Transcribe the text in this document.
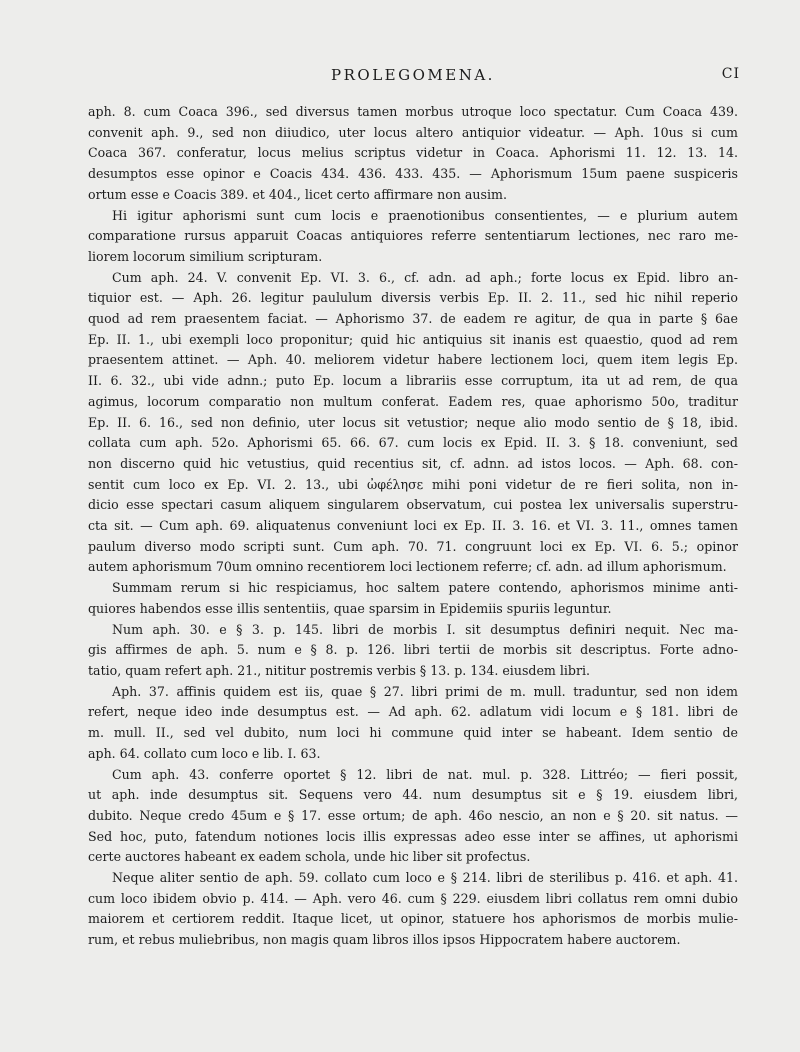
PROLEGOMENA.	CI
aph. 8. cum Coaca 396., sed diversus tamen morbus utroque loco spectatur. Cum Coaca 439.
convenit aph. 9., sed non diiudico, uter locus altero antiquior videatur. — Aph. 10us si cum
Coaca 367. conferatur, locus melius scriptus videtur in Coaca. Aphorismi 11. 12. 13. 14.
desumptos esse opinor e Coacis 434. 436. 433. 435. — Aphorismum 15um paene suspiceris
ortum esse e Coacis 389. et 404., licet certo affirmare non ausim.
Hi igitur aphorismi sunt cum locis e praenotionibus consentientes, — e plurium autem
comparatione rursus apparuit Coacas antiquiores referre sententiarum lectiones, nec raro me-
liorem locorum similium scripturam.
Cum aph. 24. V. convenit Ep. VI. 3. 6., cf. adn. ad aph.; forte locus ex Epid. libro an-
tiquior est. — Aph. 26. legitur paululum diversis verbis Ep. II. 2. 11., sed hic nihil reperio
quod ad rem praesentem faciat. — Aphorismo 37. de eadem re agitur, de qua in parte § 6ae
Ep. II. 1., ubi exempli loco proponitur; quid hic antiquius sit inanis est quaestio, quod ad rem
praesentem attinet. — Aph. 40. meliorem videtur habere lectionem loci, quem item legis Ep.
II. 6. 32., ubi vide adnn.; puto Ep. locum a librariis esse corruptum, ita ut ad rem, de qua
agimus, locorum comparatio non multum conferat. Eadem res, quae aphorismo 50o, traditur
Ep. II. 6. 16., sed non definio, uter locus sit vetustior; neque alio modo sentio de § 18, ibid.
collata cum aph. 52o. Aphorismi 65. 66. 67. cum locis ex Epid. II. 3. § 18. conveniunt, sed
non discerno quid hic vetustius, quid recentius sit, cf. adnn. ad istos locos. — Aph. 68. con-
sentit cum loco ex Ep. VI. 2. 13., ubi ὠφέλησε mihi poni videtur de re fieri solita, non in-
dicio esse spectari casum aliquem singularem observatum, cui postea lex universalis superstru-
cta sit. — Cum aph. 69. aliquatenus conveniunt loci ex Ep. II. 3. 16. et VI. 3. 11., omnes tamen
paulum diverso modo scripti sunt. Cum aph. 70. 71. congruunt loci ex Ep. VI. 6. 5.; opinor
autem aphorismum 70um omnino recentiorem loci lectionem referre; cf. adn. ad illum aphorismum.
Summam rerum si hic respiciamus, hoc saltem patere contendo, aphorismos minime anti-
quiores habendos esse illis sententiis, quae sparsim in Epidemiis spuriis leguntur.
Num aph. 30. e § 3. p. 145. libri de morbis I. sit desumptus definiri nequit. Nec ma-
gis affirmes de aph. 5. num e § 8. p. 126. libri tertii de morbis sit descriptus. Forte adno-
tatio, quam refert aph. 21., nititur postremis verbis § 13. p. 134. eiusdem libri.
Aph. 37. affinis quidem est iis, quae § 27. libri primi de m. mull. traduntur, sed non idem
refert, neque ideo inde desumptus est. — Ad aph. 62. adlatum vidi locum e § 181. libri de
m. mull. II., sed vel dubito, num loci hi commune quid inter se habeant. Idem sentio de
aph. 64. collato cum loco e lib. I. 63.
Cum aph. 43. conferre oportet § 12. libri de nat. mul. p. 328. Littréo; — fieri possit,
ut aph. inde desumptus sit. Sequens vero 44. num desumptus sit e § 19. eiusdem libri,
dubito. Neque credo 45um e § 17. esse ortum; de aph. 46o nescio, an non e § 20. sit natus. —
Sed hoc, puto, fatendum notiones locis illis expressas adeo esse inter se affines, ut aphorismi
certe auctores habeant ex eadem schola, unde hic liber sit profectus.
Neque aliter sentio de aph. 59. collato cum loco e § 214. libri de sterilibus p. 416. et aph. 41.
cum loco ibidem obvio p. 414. — Aph. vero 46. cum § 229. eiusdem libri collatus rem omni dubio
maiorem et certiorem reddit. Itaque licet, ut opinor, statuere hos aphorismos de morbis mulie-
rum, et rebus muliebribus, non magis quam libros illos ipsos Hippocratem habere auctorem.
